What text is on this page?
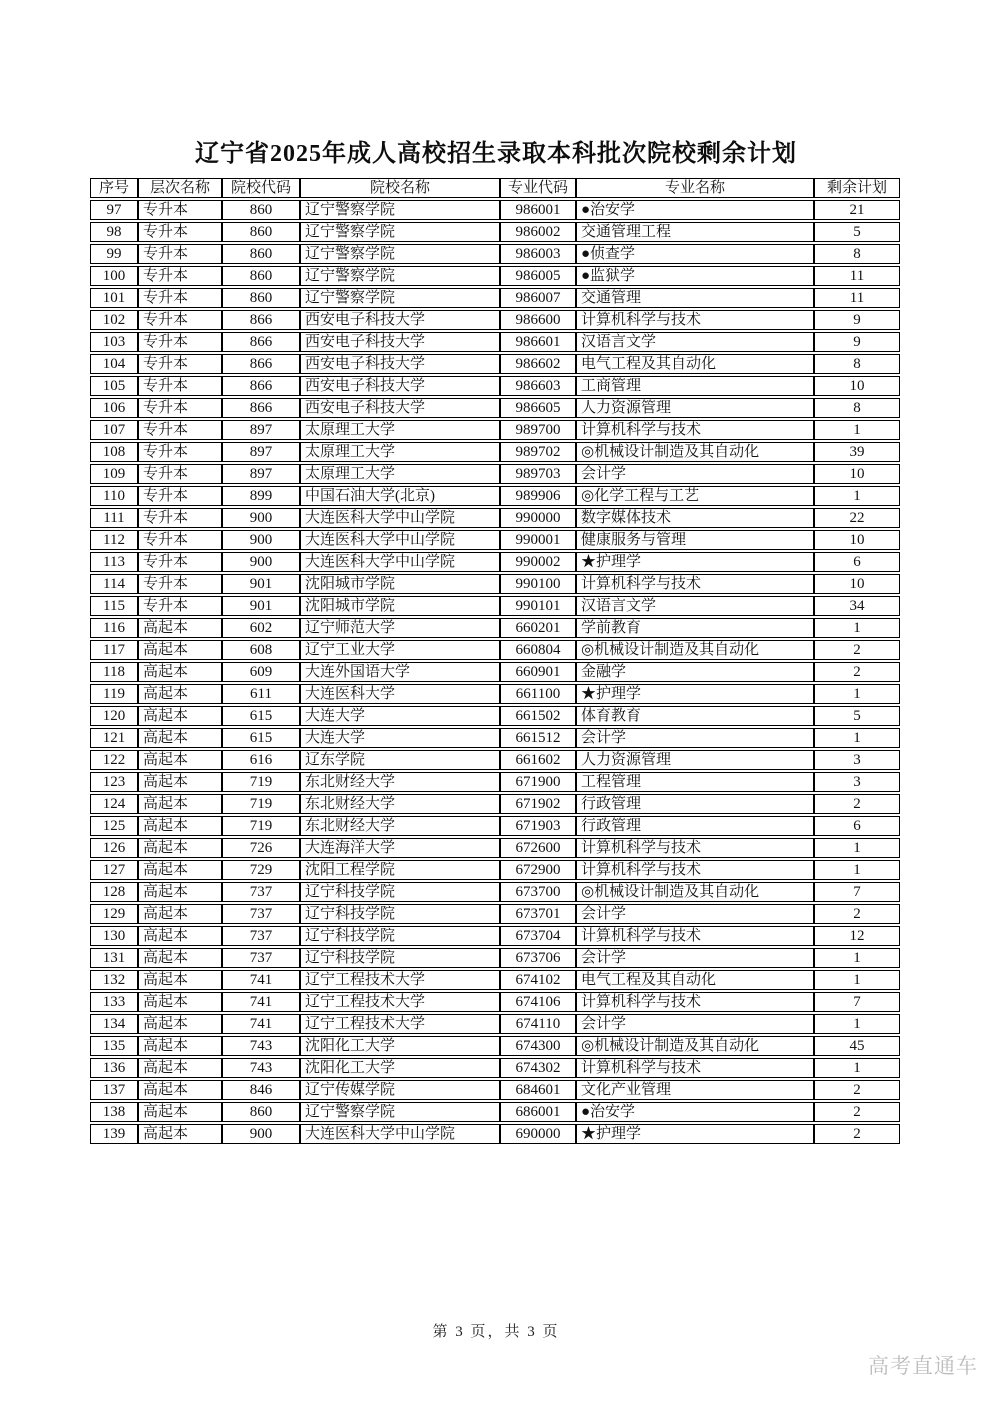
辽宁省2025年成人高校招生录取本科批次院校剩余计划
序号	层次名称	院校代码	院校名称	专业代码	专业名称	剩余计划
97	专升本	860	辽宁警察学院	986001	●治安学	21
98	专升本	860	辽宁警察学院	986002	交通管理工程	5
99	专升本	860	辽宁警察学院	986003	●侦查学	8
100	专升本	860	辽宁警察学院	986005	●监狱学	11
101	专升本	860	辽宁警察学院	986007	交通管理	11
102	专升本	866	西安电子科技大学	986600	计算机科学与技术	9
103	专升本	866	西安电子科技大学	986601	汉语言文学	9
104	专升本	866	西安电子科技大学	986602	电气工程及其自动化	8
105	专升本	866	西安电子科技大学	986603	工商管理	10
106	专升本	866	西安电子科技大学	986605	人力资源管理	8
107	专升本	897	太原理工大学	989700	计算机科学与技术	1
108	专升本	897	太原理工大学	989702	◎机械设计制造及其自动化	39
109	专升本	897	太原理工大学	989703	会计学	10
110	专升本	899	中国石油大学(北京)	989906	◎化学工程与工艺	1
111	专升本	900	大连医科大学中山学院	990000	数字媒体技术	22
112	专升本	900	大连医科大学中山学院	990001	健康服务与管理	10
113	专升本	900	大连医科大学中山学院	990002	★护理学	6
114	专升本	901	沈阳城市学院	990100	计算机科学与技术	10
115	专升本	901	沈阳城市学院	990101	汉语言文学	34
116	高起本	602	辽宁师范大学	660201	学前教育	1
117	高起本	608	辽宁工业大学	660804	◎机械设计制造及其自动化	2
118	高起本	609	大连外国语大学	660901	金融学	2
119	高起本	611	大连医科大学	661100	★护理学	1
120	高起本	615	大连大学	661502	体育教育	5
121	高起本	615	大连大学	661512	会计学	1
122	高起本	616	辽东学院	661602	人力资源管理	3
123	高起本	719	东北财经大学	671900	工程管理	3
124	高起本	719	东北财经大学	671902	行政管理	2
125	高起本	719	东北财经大学	671903	行政管理	6
126	高起本	726	大连海洋大学	672600	计算机科学与技术	1
127	高起本	729	沈阳工程学院	672900	计算机科学与技术	1
128	高起本	737	辽宁科技学院	673700	◎机械设计制造及其自动化	7
129	高起本	737	辽宁科技学院	673701	会计学	2
130	高起本	737	辽宁科技学院	673704	计算机科学与技术	12
131	高起本	737	辽宁科技学院	673706	会计学	1
132	高起本	741	辽宁工程技术大学	674102	电气工程及其自动化	1
133	高起本	741	辽宁工程技术大学	674106	计算机科学与技术	7
134	高起本	741	辽宁工程技术大学	674110	会计学	1
135	高起本	743	沈阳化工大学	674300	◎机械设计制造及其自动化	45
136	高起本	743	沈阳化工大学	674302	计算机科学与技术	1
137	高起本	846	辽宁传媒学院	684601	文化产业管理	2
138	高起本	860	辽宁警察学院	686001	●治安学	2
139	高起本	900	大连医科大学中山学院	690000	★护理学	2
第 3 页，共 3 页
高考直通车
